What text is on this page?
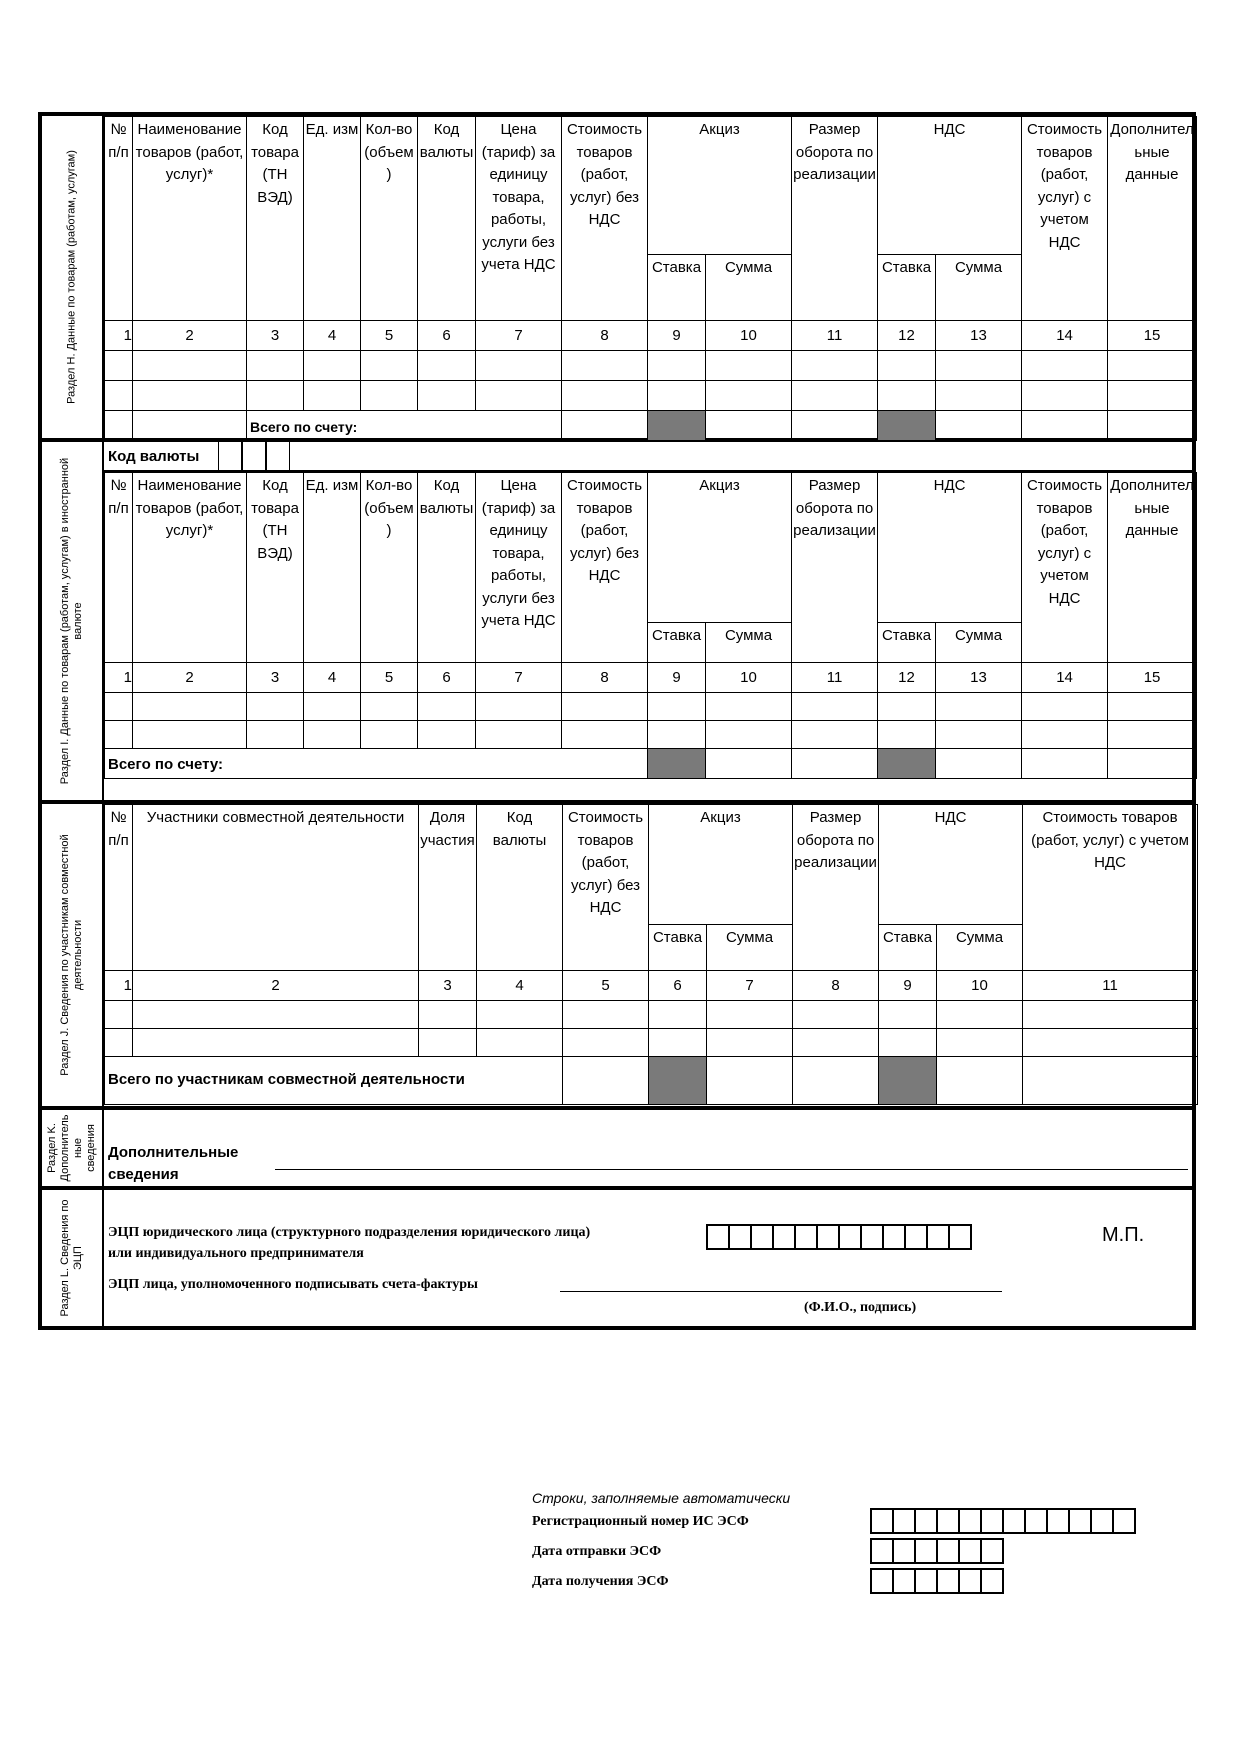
Раздел H. Данные по товарам (работам, услугам)
№ п/п	Наименование товаров (работ, услуг)*	Код товара (ТН ВЭД)	Ед. изм	Кол-во (объем)	Код валюты	Цена (тариф) за единицу товара, работы, услуги без учета НДС	Стоимость товаров (работ, услуг) без НДС	Акциз		Размер оборота по реализации	НДС		Стоимость товаров (работ, услуг) с учетом НДС	Дополнительные данные
								Ставка	Сумма		Ставка	Сумма		
1	2	3	4	5	6	7	8	9	10	11	12	13	14	15

		Всего по счету:												
Раздел I. Данные по товарам (работам, услугам) в иностранной валюте
Код валюты
№ п/п	Наименование товаров (работ, услуг)*	Код товара (ТН ВЭД)	Ед. изм	Кол-во (объем)	Код валюты	Цена (тариф) за единицу товара, работы, услуги без учета НДС	Стоимость товаров (работ, услуг) без НДС	Акциз		Размер оборота по реализации	НДС		Стоимость товаров (работ, услуг) с учетом НДС	Дополнительные данные
								Ставка	Сумма		Ставка	Сумма		
1	2	3	4	5	6	7	8	9	10	11	12	13	14	15

Всего по счету:														
Раздел J. Сведения по участникам совместной деятельности
№ п/п	Участники совместной деятельности	Доля участия	Код валюты	Стоимость товаров (работ, услуг) без НДС	Акциз		Размер оборота по реализации	НДС		Стоимость товаров (работ, услуг) с учетом НДС
					Ставка	Сумма		Ставка	Сумма	
1	2	3	4	5	6	7	8	9	10	11

Всего по участникам совместной деятельности										
Раздел K. Дополнитель ные сведения Дополнительные
сведения
Раздел L. Сведения по ЭЦП
ЭЦП юридического лица (структурного подразделения юридического лица)
или индивидуального предпринимателя
М.П.
ЭЦП лица, уполномоченного подписывать счета-фактуры
(Ф.И.О., подпись)
Строки, заполняемые автоматически
Регистрационный номер ИС ЭСФ
Дата отправки ЭСФ
Дата получения ЭСФ
